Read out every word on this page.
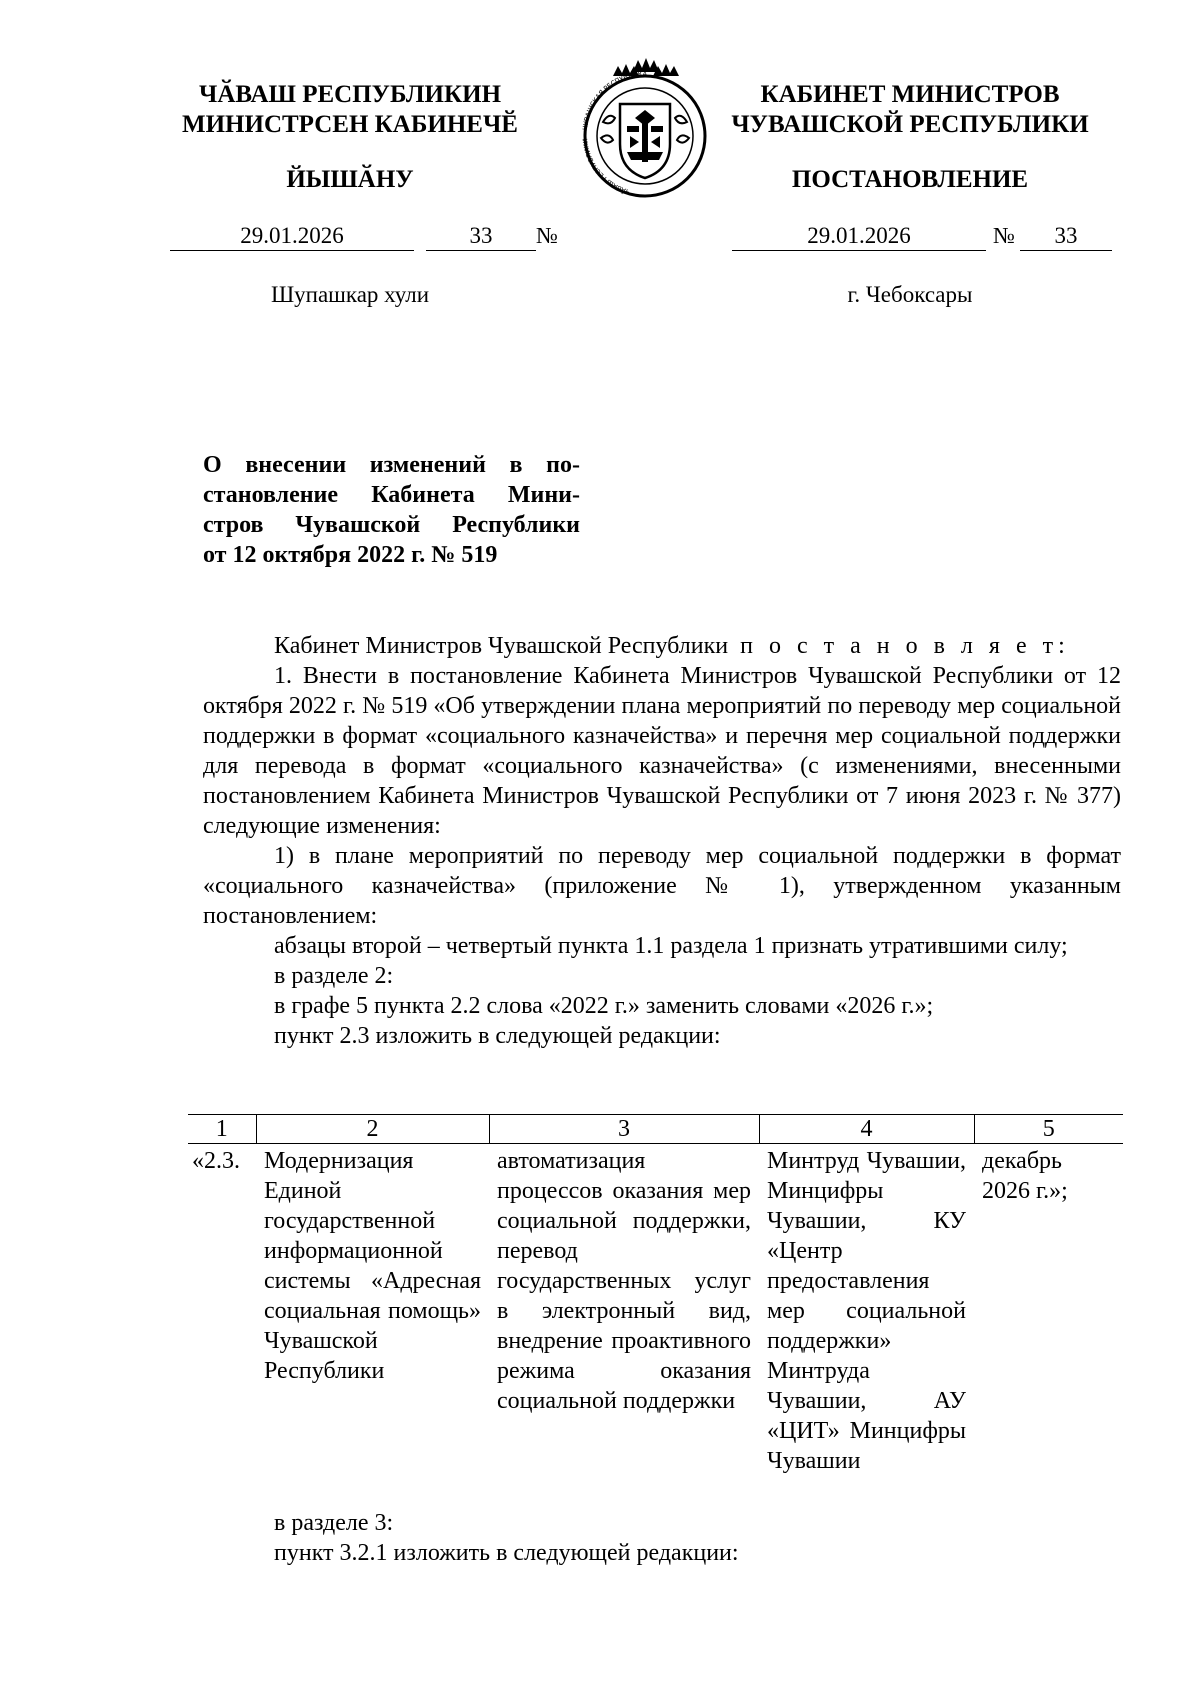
ЧӐВАШ РЕСПУБЛИКИН
МИНИСТРСЕН КАБИНЕЧӖ
ЙЫШӐНУ	ЧӐВАШ РЕСПУБЛИКИ • ЧУВАШСКАЯ РЕСПУБЛИКА
КАБИНЕТ МИНИСТРОВ
ЧУВАШСКОЙ РЕСПУБЛИКИ
ПОСТАНОВЛЕНИЕ
29.01.2026	33	№	29.01.2026	№	33
Шупашкар хули	г. Чебоксары
О внесении изменений в по-
становление Кабинета Мини-
стров Чувашской Республики
от 12 октября 2022 г. № 519

Кабинет Министров Чувашской Республики п о с т а н о в л я е т:

1. Внести в постановление Кабинета Министров Чувашской Республики от 12 октября 2022 г. № 519 «Об утверждении плана мероприятий по переводу мер социальной поддержки в формат «социального казначейства» и перечня мер социальной поддержки для перевода в формат «социального казначейства» (с изменениями, внесенными постановлением Кабинета Министров Чувашской Республики от 7 июня 2023 г. № 377) следующие изменения:

1) в плане мероприятий по переводу мер социальной поддержки в формат «социального казначейства» (приложение № 1), утвержденном указанным постановлением:

абзацы второй – четвертый пункта 1.1 раздела 1 признать утратившими силу;

в разделе 2:

в графе 5 пункта 2.2 слова «2022 г.» заменить словами «2026 г.»;

пункт 2.3 изложить в следующей редакции:

1	2	3	4	5
«2.3.	Модернизация Единой государственной информационной системы «Адресная социальная помощь» Чувашской Республики	автоматизация процессов оказания мер социальной поддержки, перевод государственных услуг в электронный вид, внедрение проактивного режима оказания социальной поддержки	Минтруд Чувашии, Минцифры Чувашии, КУ «Центр предоставления мер социальной поддержки» Минтруда Чувашии, АУ «ЦИТ» Минцифры Чувашии	декабрь 2026 г.»;

в разделе 3:

пункт 3.2.1 изложить в следующей редакции:
